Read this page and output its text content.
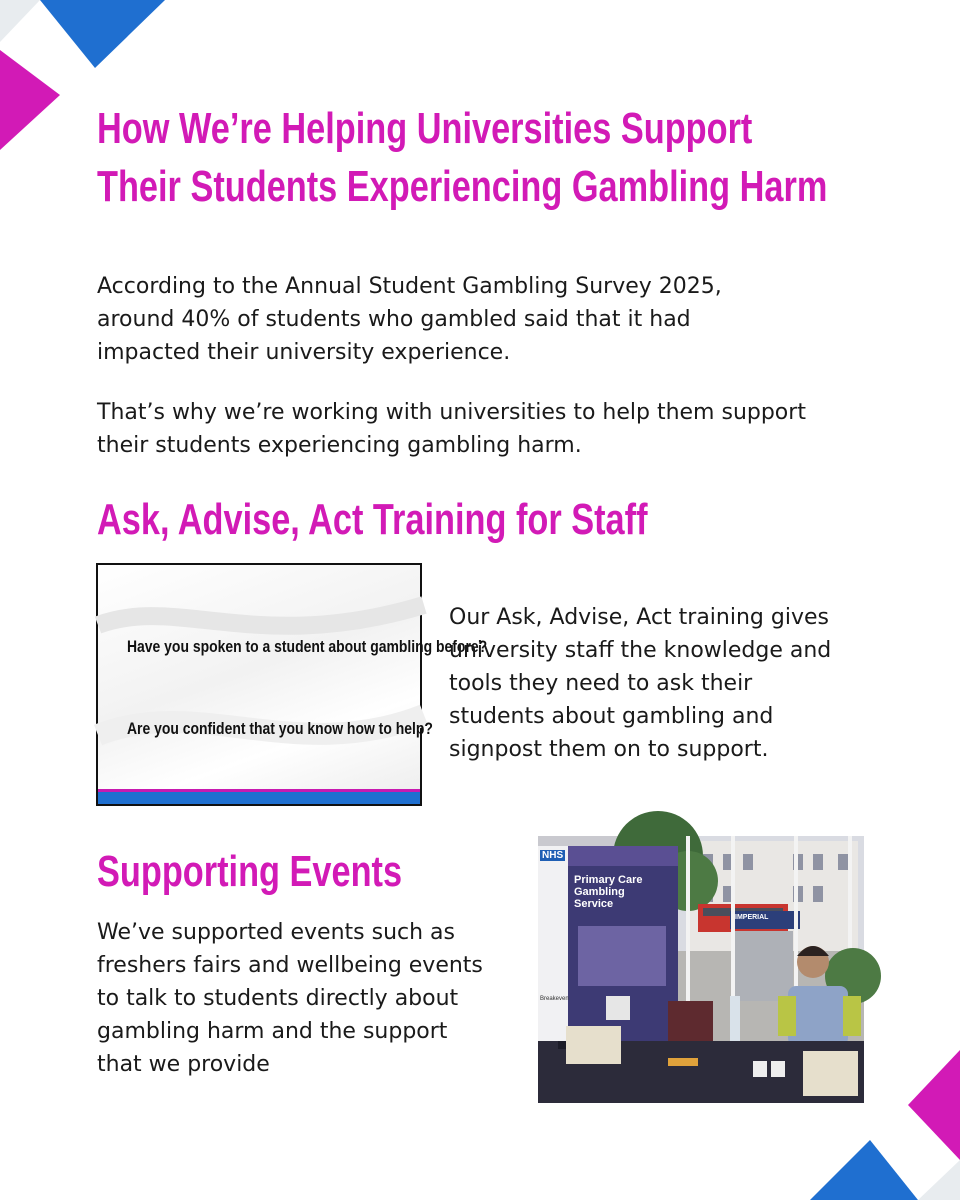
How We’re Helping Universities Support
Their Students Experiencing Gambling Harm

According to the Annual Student Gambling Survey 2025,
around 40% of students who gambled said that it had
impacted their university experience.

That’s why we’re working with universities to help them support
their students experiencing gambling harm.

Ask, Advise, Act Training for Staff
Have you spoken to a student about gambling before?
Are you confident that you know how to help?

Our Ask, Advise, Act training gives
university staff the knowledge and
tools they need to ask their
students about gambling and
signpost them on to support.

Supporting Events

We’ve supported events such as
freshers fairs and wellbeing events
to talk to students directly about
gambling harm and the support
that we provide

NHS
Primary Care
Gambling
Service
IMPERIAL
Breakeven
